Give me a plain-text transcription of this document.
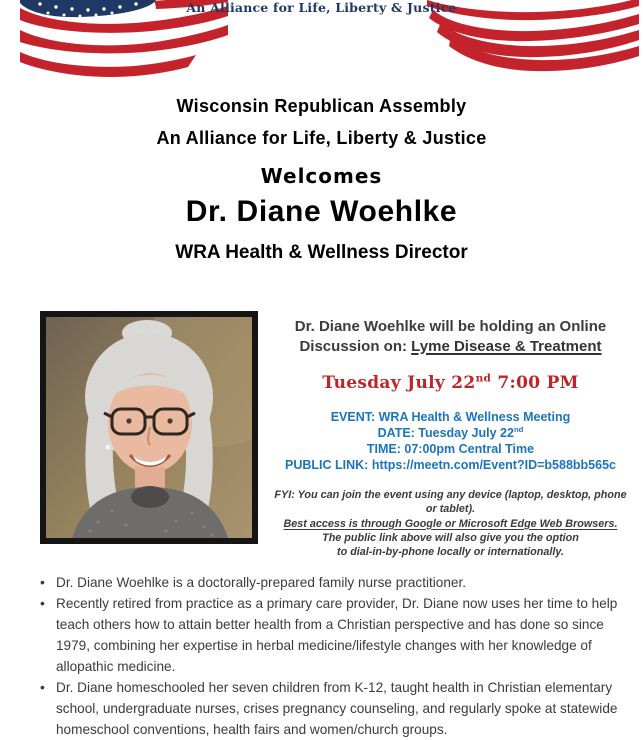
An Alliance for Life, Liberty & Justice
Wisconsin Republican Assembly
An Alliance for Life, Liberty & Justice
Welcomes
Dr. Diane Woehlke
WRA Health & Wellness Director
Dr. Diane Woehlke will be holding an Online
Discussion on: Lyme Disease & Treatment
Tuesday July 22nd 7:00 PM
EVENT: WRA Health & Wellness Meeting
DATE: Tuesday July 22nd
TIME: 07:00pm Central Time
PUBLIC LINK: https://meetn.com/Event?ID=b588bb565c
FYI: You can join the event using any device (laptop, desktop, phone or tablet).
Best access is through Google or Microsoft Edge Web Browsers.
The public link above will also give you the option
to dial-in-by-phone locally or internationally.
• Dr. Diane Woehlke is a doctorally-prepared family nurse practitioner.
• Recently retired from practice as a primary care provider, Dr. Diane now uses her time to help teach others how to attain better health from a Christian perspective and has done so since 1979, combining her expertise in herbal medicine/lifestyle changes with her knowledge of allopathic medicine.
• Dr. Diane homeschooled her seven children from K-12, taught health in Christian elementary school, undergraduate nurses, crises pregnancy counseling, and regularly spoke at statewide homeschool conventions, health fairs and women/church groups.
